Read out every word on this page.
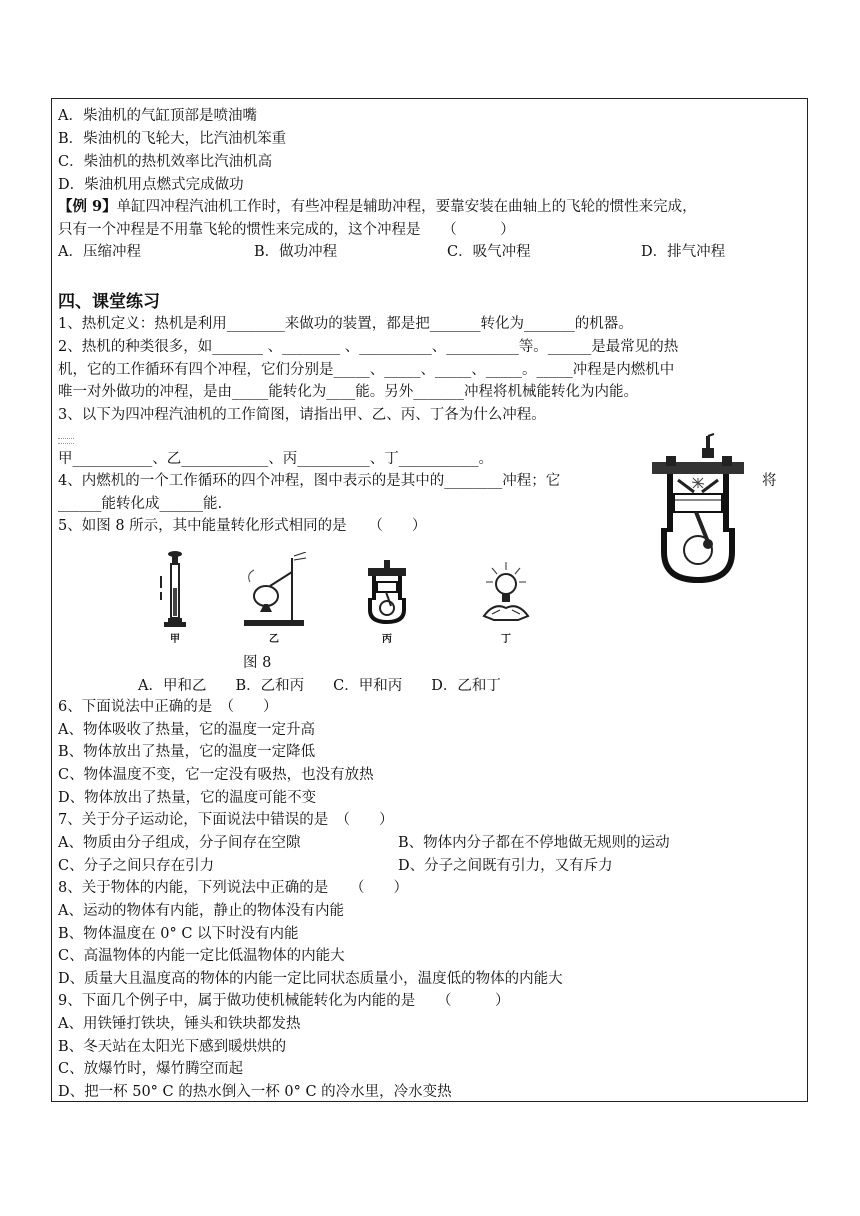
A．柴油机的气缸顶部是喷油嘴
B．柴油机的飞轮大，比汽油机笨重
C．柴油机的热机效率比汽油机高
D．柴油机用点燃式完成做功
【例 9】单缸四冲程汽油机工作时，有些冲程是辅助冲程，要靠安装在曲轴上的飞轮的惯性来完成，
只有一个冲程是不用靠飞轮的惯性来完成的，这个冲程是　　（　　　）
A．压缩冲程	B．做功冲程	C．吸气冲程	D．排气冲程
四、课堂练习
1、热机定义：热机是利用________来做功的装置，都是把_______转化为_______的机器。
2、热机的种类很多，如_______ 、________ 、__________、__________等。______是最常见的热
机，它的工作循环有四个冲程，它们分别是_____、_____、_____、_____。_____冲程是内燃机中
唯一对外做功的冲程，是由_____能转化为____能。另外_______冲程将机械能转化为内能。
3、以下为四冲程汽油机的工作简图，请指出甲、乙、丙、丁各为什么冲程。
甲___________、乙____________、丙__________、丁___________。
4、内燃机的一个工作循环的四个冲程，图中表示的是其中的________冲程；它	将
______能转化成______能.
5、如图 8 所示，其中能量转化形式相同的是　　（　　）
甲	乙	丙	丁
图 8
A．甲和乙　　B．乙和丙　　C．甲和丙　　D．乙和丁
6、下面说法中正确的是　（　　）
A、物体吸收了热量，它的温度一定升高
B、物体放出了热量，它的温度一定降低
C、物体温度不变，它一定没有吸热，也没有放热
D、物体放出了热量，它的温度可能不变
7、关于分子运动论，下面说法中错误的是　（　　）
A、物质由分子组成，分子间存在空隙	B、物体内分子都在不停地做无规则的运动
C、分子之间只存在引力	D、分子之间既有引力，又有斥力
8、关于物体的内能，下列说法中正确的是　　（　　）
A、运动的物体有内能，静止的物体没有内能
B、物体温度在 0° C 以下时没有内能
C、高温物体的内能一定比低温物体的内能大
D、质量大且温度高的物体的内能一定比同状态质量小，温度低的物体的内能大
9、下面几个例子中，属于做功使机械能转化为内能的是　　（　　　）
A、用铁锤打铁块，锤头和铁块都发热
B、冬天站在太阳光下感到暖烘烘的
C、放爆竹时，爆竹腾空而起
D、把一杯 50° C 的热水倒入一杯 0° C 的冷水里，冷水变热
